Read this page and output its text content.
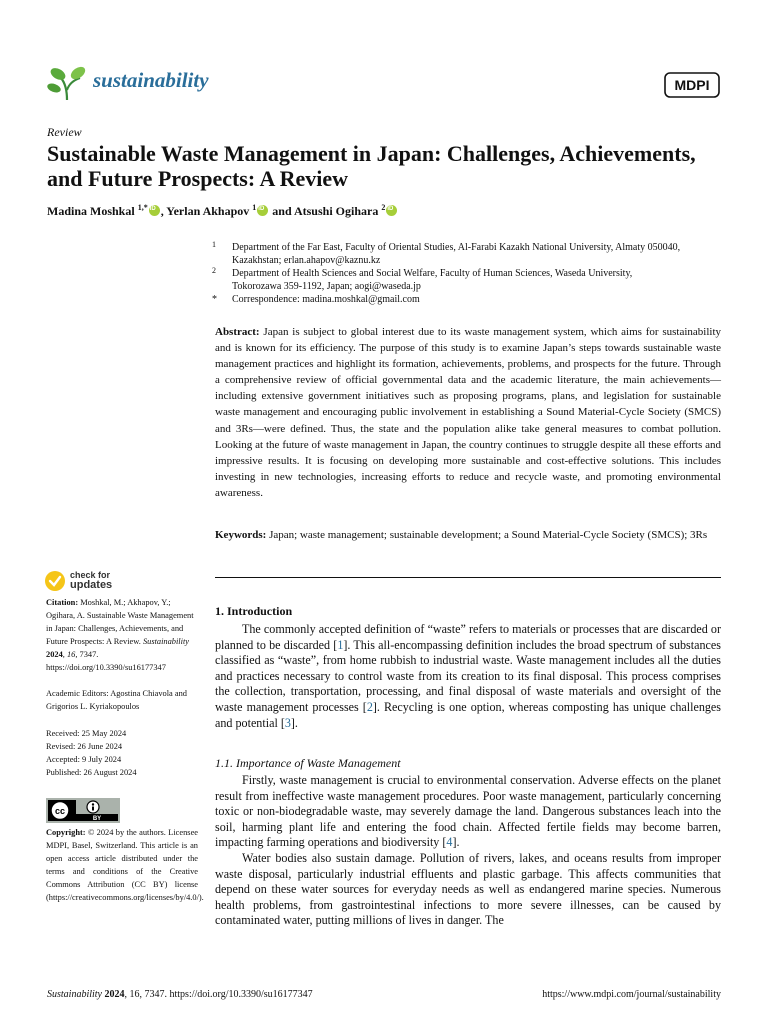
sustainability	MDPI
Review
Sustainable Waste Management in Japan: Challenges, Achievements, and Future Prospects: A Review
Madina Moshkal $^{1,*}$iD , Yerlan Akhapov $^1$iD and Atsushi Ogihara $^2$iD
1 Department of the Far East, Faculty of Oriental Studies, Al-Farabi Kazakh National University, Almaty 050040, Kazakhstan; erlan.ahapov@kaznu.kz
2 Department of Health Sciences and Social Welfare, Faculty of Human Sciences, Waseda University, Tokorozawa 359-1192, Japan; aogi@waseda.jp
* Correspondence: madina.moshkal@gmail.com
Abstract: Japan is subject to global interest due to its waste management system, which aims for sustainability and is known for its efficiency. The purpose of this study is to examine Japan’s steps towards sustainable waste management practices and highlight its formation, achievements, problems, and prospects for the future. Through a comprehensive review of official governmental data and the academic literature, the main achievements—including extensive government initiatives such as proposing programs, plans, and legislation for sustainable waste management and encouraging public involvement in establishing a Sound Material-Cycle Society (SMCS) and 3Rs—were defined. Thus, the state and the population alike take general measures to combat pollution. Looking at the future of waste management in Japan, the country continues to struggle despite all these efforts and impressive results. It is focusing on developing more sustainable and cost-effective solutions. This includes investing in new technologies, increasing efforts to reduce and recycle waste, and promoting environmental awareness.
Keywords: Japan; waste management; sustainable development; a Sound Material-Cycle Society (SMCS); 3Rs
check for
updates
Citation: Moshkal, M.; Akhapov, Y.; Ogihara, A. Sustainable Waste Management in Japan: Challenges, Achievements, and Future Prospects: A Review. Sustainability 2024, 16, 7347. https://doi.org/10.3390/su16177347
Academic Editors: Agostina Chiavola and Grigorios L. Kyriakopoulos
Received: 25 May 2024
Revised: 26 June 2024
Accepted: 9 July 2024
Published: 26 August 2024
cc
BY
Copyright: © 2024 by the authors. Licensee MDPI, Basel, Switzerland. This article is an open access article distributed under the terms and conditions of the Creative Commons Attribution (CC BY) license (https://creativecommons.org/licenses/by/4.0/).
1. Introduction

The commonly accepted definition of “waste” refers to materials or processes that are discarded or planned to be discarded [1]. This all-encompassing definition includes the broad spectrum of substances classified as “waste”, from home rubbish to industrial waste. Waste management includes all the duties and practices necessary to control waste from its creation to its final disposal. This process comprises the collection, transportation, processing, and final disposal of waste materials and oversight of the waste management processes [2]. Recycling is one option, whereas composting has unique challenges and potential [3].

1.1. Importance of Waste Management

Firstly, waste management is crucial to environmental conservation. Adverse effects on the planet result from ineffective waste management procedures. Poor waste management, particularly concerning toxic or non-biodegradable waste, may severely damage the land. Dangerous substances leach into the soil, harming plant life and entering the food chain. Affected fertile fields may become barren, impacting farming operations and biodiversity [4].

Water bodies also sustain damage. Pollution of rivers, lakes, and oceans results from improper waste disposal, particularly industrial effluents and plastic garbage. This affects communities that depend on these water sources for everyday needs as well as endangered marine species. Numerous health problems, from gastrointestinal infections to more severe illnesses, can be caused by contaminated water, putting millions of lives in danger. The

Sustainability 2024, 16, 7347. https://doi.org/10.3390/su16177347	https://www.mdpi.com/journal/sustainability
